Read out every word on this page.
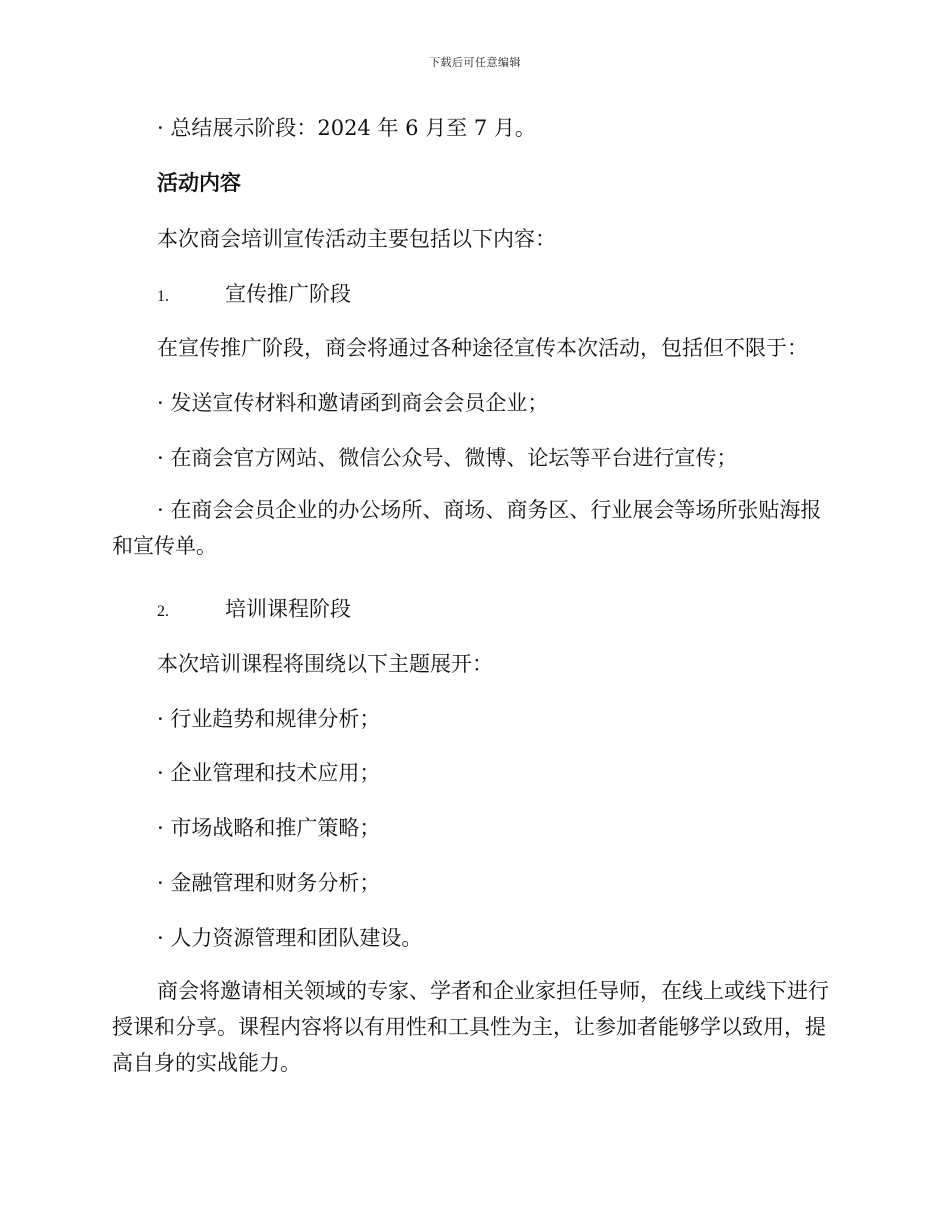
下载后可任意编辑
· 总结展示阶段：2024 年 6 月至 7 月。
活动内容
本次商会培训宣传活动主要包括以下内容：
1.	宣传推广阶段
在宣传推广阶段，商会将通过各种途径宣传本次活动，包括但不限于：
· 发送宣传材料和邀请函到商会会员企业；
· 在商会官方网站、微信公众号、微博、论坛等平台进行宣传；
· 在商会会员企业的办公场所、商场、商务区、行业展会等场所张贴海报和宣传单。
2.	培训课程阶段
本次培训课程将围绕以下主题展开：
· 行业趋势和规律分析；
· 企业管理和技术应用；
· 市场战略和推广策略；
· 金融管理和财务分析；
· 人力资源管理和团队建设。
商会将邀请相关领域的专家、学者和企业家担任导师，在线上或线下进行授课和分享。课程内容将以有用性和工具性为主，让参加者能够学以致用，提高自身的实战能力。
